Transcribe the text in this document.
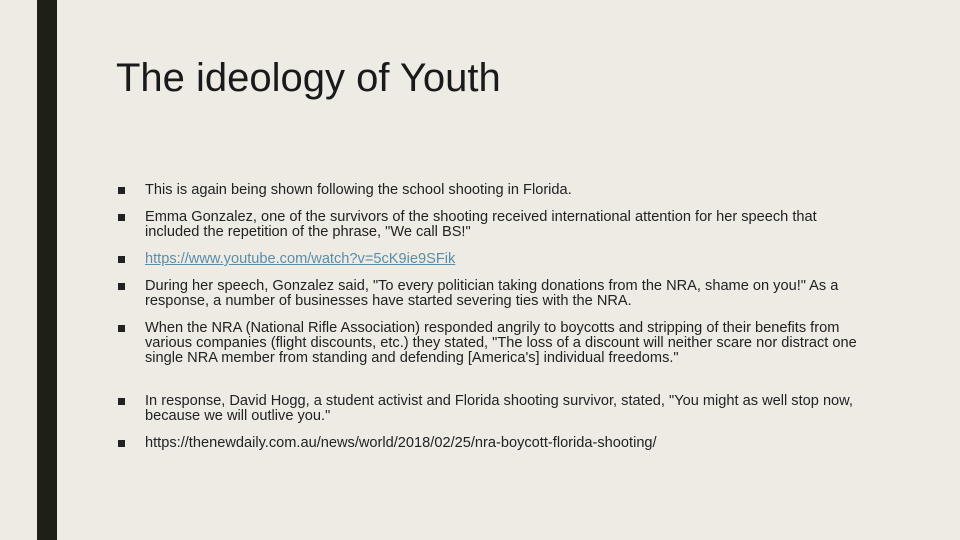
The ideology of Youth
This is again being shown following the school shooting in Florida.
Emma Gonzalez, one of the survivors of the shooting received international attention for her speech that included the repetition of the phrase, "We call BS!"
https://www.youtube.com/watch?v=5cK9ie9SFik
During her speech, Gonzalez said, "To every politician taking donations from the NRA, shame on you!" As a response, a number of businesses have started severing ties with the NRA.
When the NRA (National Rifle Association) responded angrily to boycotts and stripping of their benefits from various companies (flight discounts, etc.) they stated, "The loss of a discount will neither scare nor distract one single NRA member from standing and defending [America's] individual freedoms."
In response, David Hogg, a student activist and Florida shooting survivor, stated, "You might as well stop now, because we will outlive you."
https://thenewdaily.com.au/news/world/2018/02/25/nra-boycott-florida-shooting/
